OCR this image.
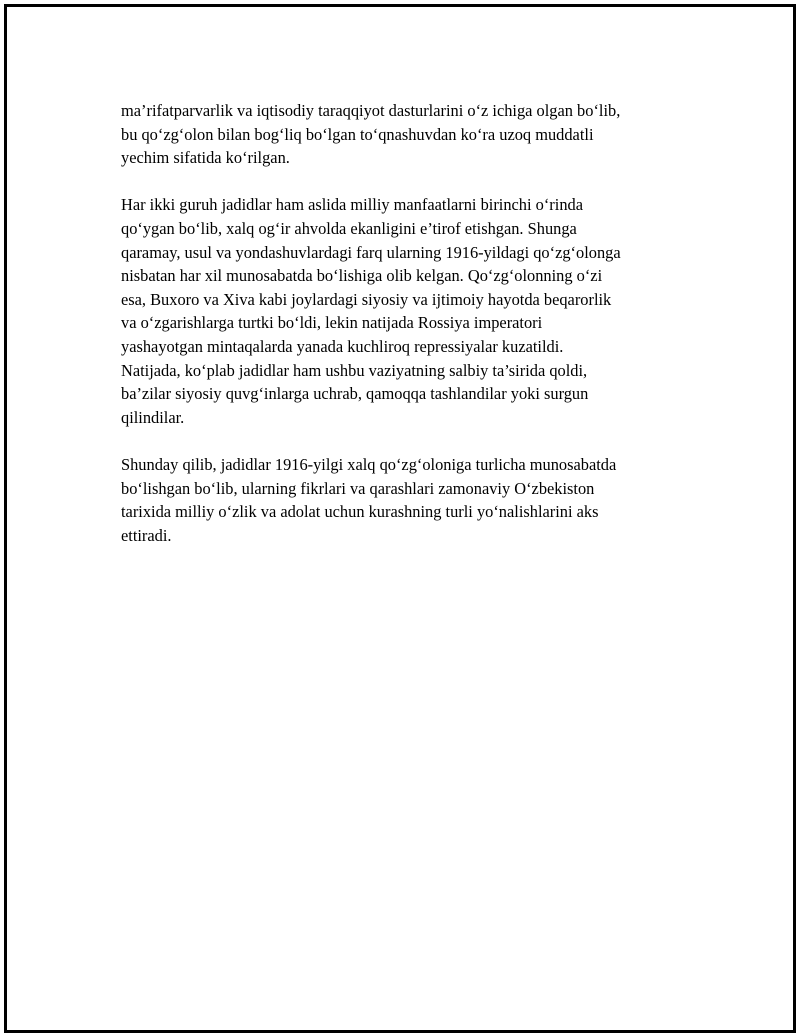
ma’rifatparvarlik va iqtisodiy taraqqiyot dasturlarini o‘z ichiga olgan bo‘lib,
bu qo‘zg‘olon bilan bog‘liq bo‘lgan to‘qnashuvdan ko‘ra uzoq muddatli
yechim sifatida ko‘rilgan.
Har ikki guruh jadidlar ham aslida milliy manfaatlarni birinchi o‘rinda
qo‘ygan bo‘lib, xalq og‘ir ahvolda ekanligini e’tirof etishgan. Shunga
qaramay, usul va yondashuvlardagi farq ularning 1916-yildagi qo‘zg‘olonga
nisbatan har xil munosabatda bo‘lishiga olib kelgan. Qo‘zg‘olonning o‘zi
esa, Buxoro va Xiva kabi joylardagi siyosiy va ijtimoiy hayotda beqarorlik
va o‘zgarishlarga turtki bo‘ldi, lekin natijada Rossiya imperatori
yashayotgan mintaqalarda yanada kuchliroq repressiyalar kuzatildi.
Natijada, ko‘plab jadidlar ham ushbu vaziyatning salbiy ta’sirida qoldi,
ba’zilar siyosiy quvg‘inlarga uchrab, qamoqqa tashlandilar yoki surgun
qilindilar.
Shunday qilib, jadidlar 1916-yilgi xalq qo‘zg‘oloniga turlicha munosabatda
bo‘lishgan bo‘lib, ularning fikrlari va qarashlari zamonaviy O‘zbekiston
tarixida milliy o‘zlik va adolat uchun kurashning turli yo‘nalishlarini aks
ettiradi.
